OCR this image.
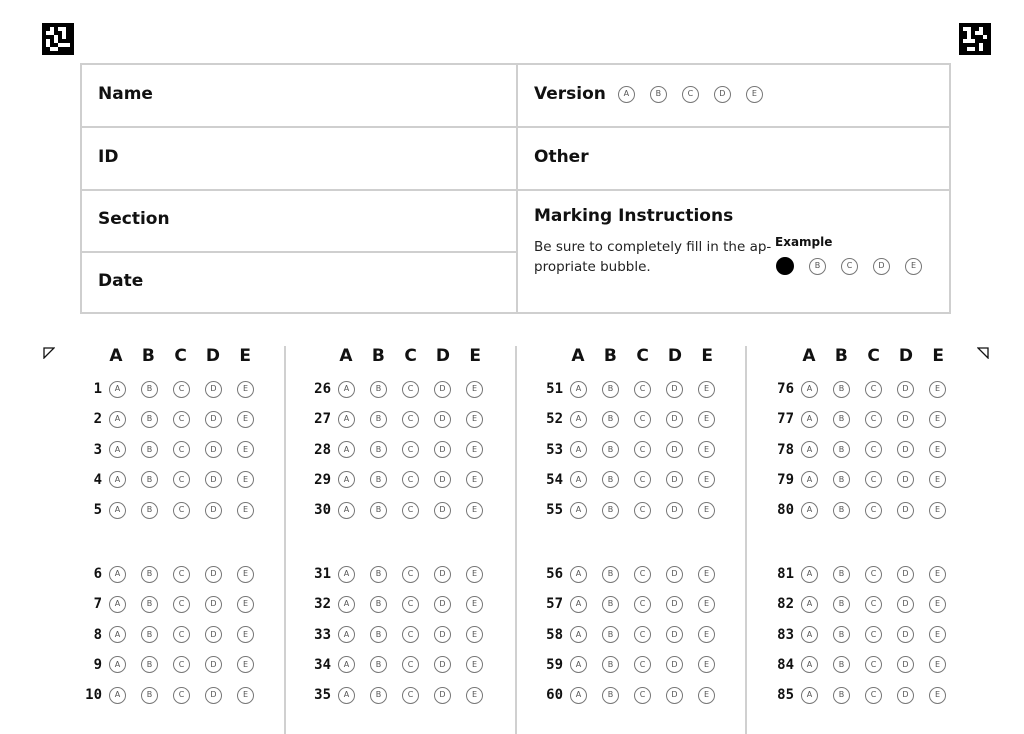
Name
ID
Section
Date
Version	A	B	C	D	E
Other
Marking Instructions
Be sure to completely fill in the ap-propriate bubble.
Example
B	C	D	E
A B C D E
1	A	B	C	D	E
2	A	B	C	D	E
3	A	B	C	D	E
4	A	B	C	D	E
5	A	B	C	D	E
6	A	B	C	D	E
7	A	B	C	D	E
8	A	B	C	D	E
9	A	B	C	D	E
10	A	B	C	D	E
A B C D E
26	A	B	C	D	E
27	A	B	C	D	E
28	A	B	C	D	E
29	A	B	C	D	E
30	A	B	C	D	E
31	A	B	C	D	E
32	A	B	C	D	E
33	A	B	C	D	E
34	A	B	C	D	E
35	A	B	C	D	E
A B C D E
51	A	B	C	D	E
52	A	B	C	D	E
53	A	B	C	D	E
54	A	B	C	D	E
55	A	B	C	D	E
56	A	B	C	D	E
57	A	B	C	D	E
58	A	B	C	D	E
59	A	B	C	D	E
60	A	B	C	D	E
A B C D E
76	A	B	C	D	E
77	A	B	C	D	E
78	A	B	C	D	E
79	A	B	C	D	E
80	A	B	C	D	E
81	A	B	C	D	E
82	A	B	C	D	E
83	A	B	C	D	E
84	A	B	C	D	E
85	A	B	C	D	E
